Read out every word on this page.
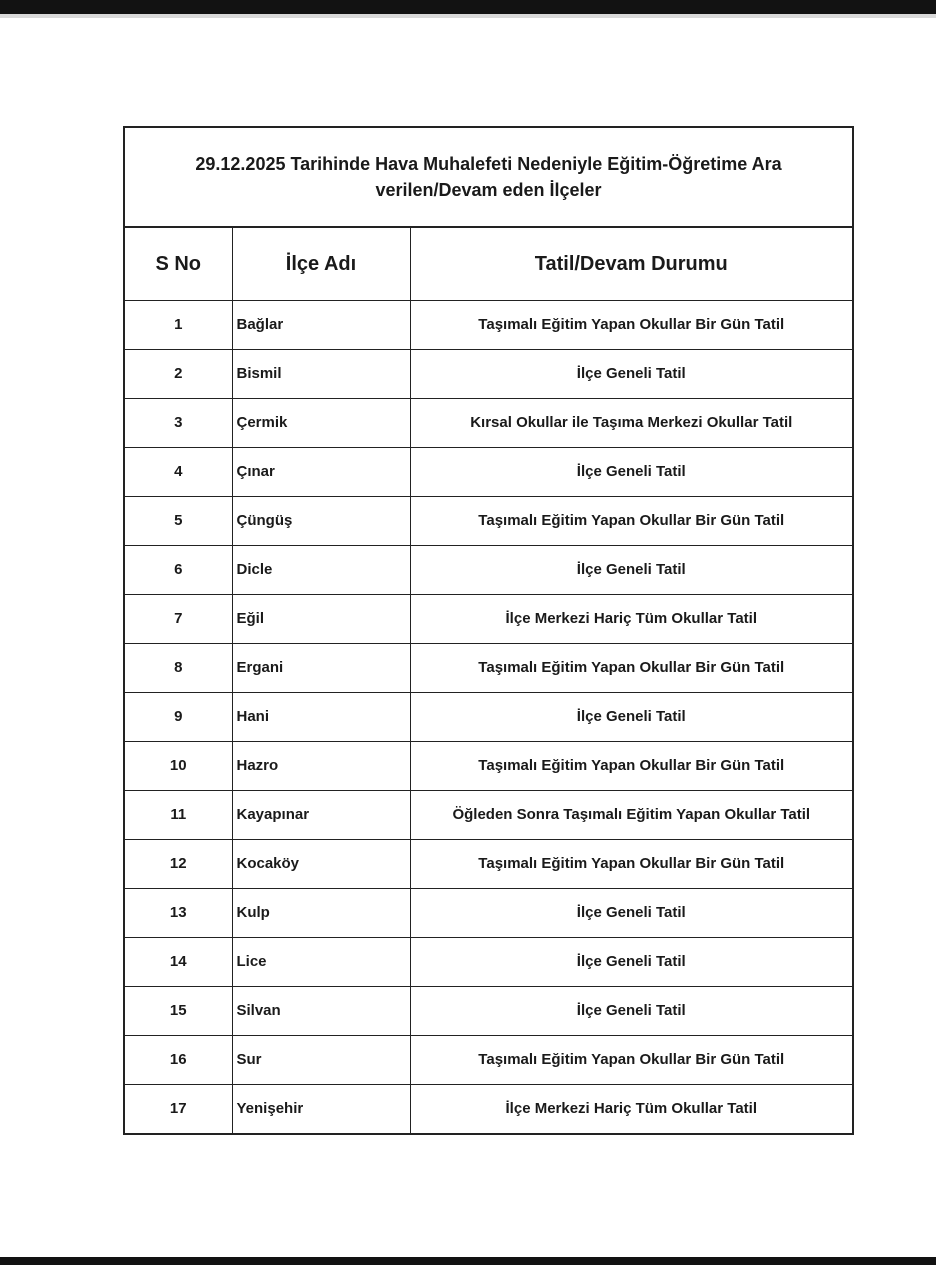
29.12.2025 Tarihinde Hava Muhalefeti Nedeniyle Eğitim-Öğretime Ara
verilen/Devam eden İlçeler		
S No	İlçe Adı	Tatil/Devam Durumu
1	Bağlar	Taşımalı Eğitim Yapan Okullar Bir Gün Tatil
2	Bismil	İlçe Geneli Tatil
3	Çermik	Kırsal Okullar ile Taşıma Merkezi Okullar Tatil
4	Çınar	İlçe Geneli Tatil
5	Çüngüş	Taşımalı Eğitim Yapan Okullar Bir Gün Tatil
6	Dicle	İlçe Geneli Tatil
7	Eğil	İlçe Merkezi Hariç Tüm Okullar Tatil
8	Ergani	Taşımalı Eğitim Yapan Okullar Bir Gün Tatil
9	Hani	İlçe Geneli Tatil
10	Hazro	Taşımalı Eğitim Yapan Okullar Bir Gün Tatil
11	Kayapınar	Öğleden Sonra Taşımalı Eğitim Yapan Okullar Tatil
12	Kocaköy	Taşımalı Eğitim Yapan Okullar Bir Gün Tatil
13	Kulp	İlçe Geneli Tatil
14	Lice	İlçe Geneli Tatil
15	Silvan	İlçe Geneli Tatil
16	Sur	Taşımalı Eğitim Yapan Okullar Bir Gün Tatil
17	Yenişehir	İlçe Merkezi Hariç Tüm Okullar Tatil
